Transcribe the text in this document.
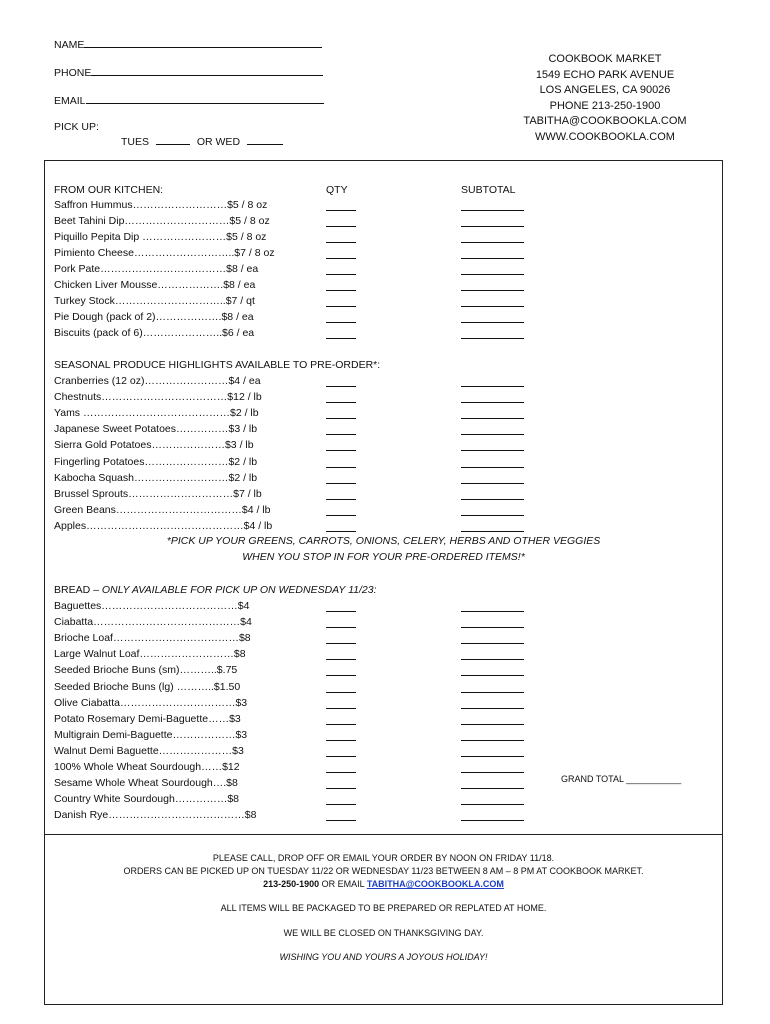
NAME
PHONE
EMAIL
PICK UP:
TUES	OR WED
COOKBOOK MARKET
1549 ECHO PARK AVENUE
LOS ANGELES, CA 90026
PHONE 213-250-1900
TABITHA@COOKBOOKLA.COM
WWW.COOKBOOKLA.COM
FROM OUR KITCHEN:	QTY	SUBTOTAL
Saffron Hummus………………………$5 / 8 oz
Beet Tahini Dip…………………………$5 / 8 oz
Piquillo Pepita Dip ……………………$5 / 8 oz
Pimiento Cheese………………………..$7 / 8 oz
Pork Pate………………………………$8 / ea
Chicken Liver Mousse……………….$8 / ea
Turkey Stock…………………………..$7 / qt
Pie Dough (pack of 2)……………….$8 / ea
Biscuits (pack of 6)…………………..$6 / ea
SEASONAL PRODUCE HIGHLIGHTS AVAILABLE TO PRE-ORDER*:
Cranberries (12 oz)……………………$4 / ea
Chestnuts………………………………$12 / lb
Yams ……………………………………$2 / lb
Japanese Sweet Potatoes……………$3 / lb
Sierra Gold Potatoes…………………$3 / lb
Fingerling Potatoes……………………$2 / lb
Kabocha Squash………………………$2 / lb
Brussel Sprouts…………………………$7 / lb
Green Beans………………………………$4 / lb
Apples………………………………………$4 / lb
*PICK UP YOUR GREENS, CARROTS, ONIONS, CELERY, HERBS AND OTHER VEGGIES
WHEN YOU STOP IN FOR YOUR PRE-ORDERED ITEMS!*
BREAD – ONLY AVAILABLE FOR PICK UP ON WEDNESDAY 11/23:
Baguettes…………………………………$4
Ciabatta……………………………………$4
Brioche Loaf………………………………$8
Large Walnut Loaf………………………$8
Seeded Brioche Buns (sm)………..$.75
Seeded Brioche Buns (lg) ………..$1.50
Olive Ciabatta……………………………$3
Potato Rosemary Demi-Baguette……$3
Multigrain Demi-Baguette………………$3
Walnut Demi Baguette…………………$3
100% Whole Wheat Sourdough……$12
Sesame Whole Wheat Sourdough….$8
Country White Sourdough……………$8
Danish Rye…………………………………$8
GRAND TOTAL ___________
PLEASE CALL, DROP OFF OR EMAIL YOUR ORDER BY NOON ON FRIDAY 11/18.
ORDERS CAN BE PICKED UP ON TUESDAY 11/22 OR WEDNESDAY 11/23 BETWEEN 8 AM – 8 PM AT COOKBOOK MARKET.
213-250-1900 OR EMAIL TABITHA@COOKBOOKLA.COM
ALL ITEMS WILL BE PACKAGED TO BE PREPARED OR REPLATED AT HOME.
WE WILL BE CLOSED ON THANKSGIVING DAY.
WISHING YOU AND YOURS A JOYOUS HOLIDAY!
